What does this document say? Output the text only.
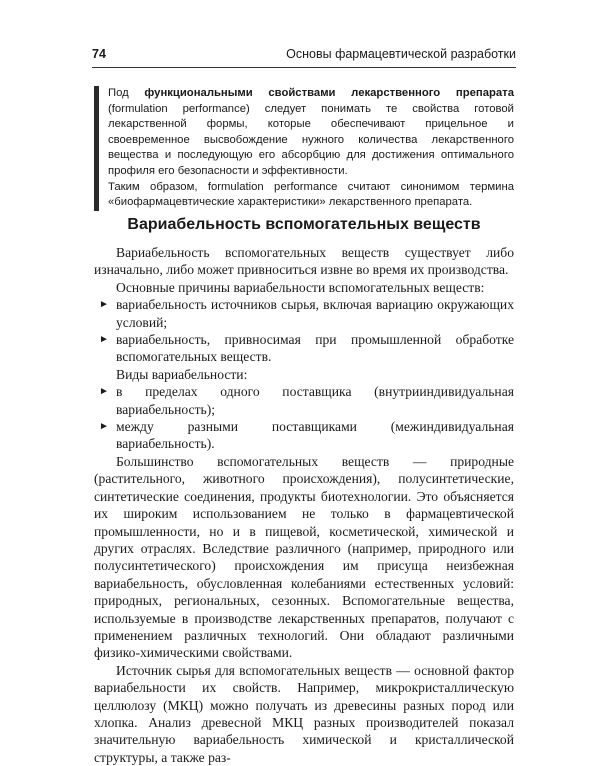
74	Основы фармацевтической разработки

Под функциональными свойствами лекарственного препарата (formulation performance) следует понимать те свойства готовой лекарственной формы, которые обеспечивают прицельное и своевременное высвобождение нужного количества лекарственного вещества и последующую его абсорбцию для достижения оптимального профиля его безопасности и эффективности.

Таким образом, formulation performance считают синонимом термина «биофармацевтические характеристики» лекарственного препарата.

Вариабельность вспомогательных веществ

Вариабельность вспомогательных веществ существует либо изначально, либо может привноситься извне во время их производства.

Основные причины вариабельности вспомогательных веществ:

► вариабельность источников сырья, включая вариацию окружающих условий;
► вариабельность, привносимая при промышленной обработке вспомогательных веществ.

Виды вариабельности:

► в пределах одного поставщика (внутрииндивидуальная вариабельность);
► между разными поставщиками (межиндивидуальная вариабельность).

Большинство вспомогательных веществ — природные (растительного, животного происхождения), полусинтетические, синтетические соединения, продукты биотехнологии. Это объясняется их широким использованием не только в фармацевтической промышленности, но и в пищевой, косметической, химической и других отраслях. Вследствие различного (например, природного или полусинтетического) происхождения им присуща неизбежная вариабельность, обусловленная колебаниями естественных условий: природных, региональных, сезонных. Вспомогательные вещества, используемые в производстве лекарственных препаратов, получают с применением различных технологий. Они обладают различными физико-химическими свойствами.

Источник сырья для вспомогательных веществ — основной фактор вариабельности их свойств. Например, микрокристаллическую целлюлозу (МКЦ) можно получать из древесины разных пород или хлопка. Анализ древесной МКЦ разных производителей показал значительную вариабельность химической и кристаллической структуры, а также раз-
